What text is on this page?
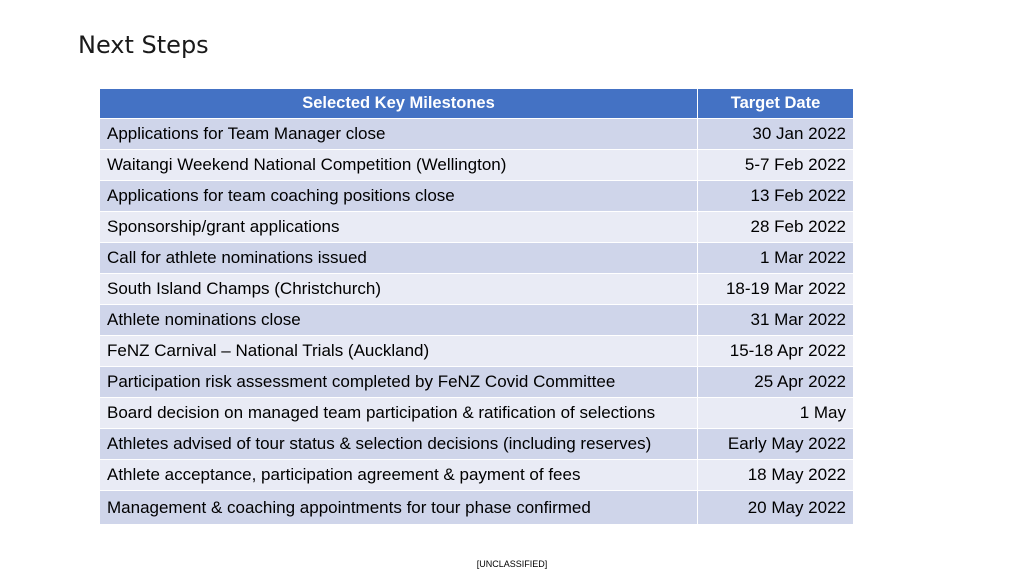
Next Steps
Selected Key Milestones	Target Date
Applications for Team Manager close	30 Jan 2022
Waitangi Weekend National Competition (Wellington)	5-7 Feb 2022
Applications for team coaching positions close	13 Feb 2022
Sponsorship/grant applications	28 Feb 2022
Call for athlete nominations issued	1 Mar 2022
South Island Champs (Christchurch)	18-19 Mar 2022
Athlete nominations close	31 Mar 2022
FeNZ Carnival – National Trials (Auckland)	15-18 Apr 2022
Participation risk assessment completed by FeNZ Covid Committee	25 Apr 2022
Board decision on managed team participation & ratification of selections	1 May
Athletes advised of tour status & selection decisions (including reserves)	Early May 2022
Athlete acceptance, participation agreement & payment of fees	18 May 2022
Management & coaching appointments for tour phase confirmed	20 May 2022
[UNCLASSIFIED]
